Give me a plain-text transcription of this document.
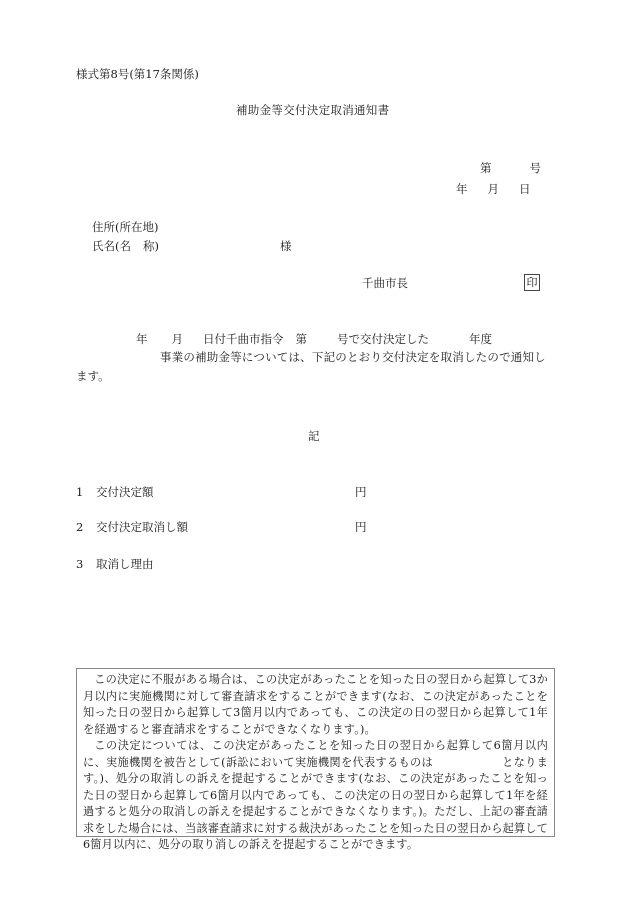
様式第8号(第17条関係)
補助金等交付決定取消通知書
第	号
年 月 日
住所(所在地)
氏名(名 称)	様
千曲市長	印
年 月 日付千曲市指令 第	号で交付決定した	年度
事業の補助金等については、下記のとおり交付決定を取消したので通知し
ます。
記
1 交付決定額	円
2 交付決定取消し額	円
3 取消し理由

この決定に不服がある場合は、この決定があったことを知った日の翌日から起算して3か月以内に実施機関に対して審査請求をすることができます(なお、この決定があったことを知った日の翌日から起算して3箇月以内であっても、この決定の日の翌日から起算して1年を経過すると審査請求をすることができなくなります。)。

この決定については、この決定があったことを知った日の翌日から起算して6箇月以内に、実施機関を被告として(訴訟において実施機関を代表するものは　　　　　　となります。)、処分の取消しの訴えを提起することができます(なお、この決定があったことを知った日の翌日から起算して6箇月以内であっても、この決定の日の翌日から起算して1年を経過すると処分の取消しの訴えを提起することができなくなります。)。ただし、上記の審査請求をした場合には、当該審査請求に対する裁決があったことを知った日の翌日から起算して6箇月以内に、処分の取り消しの訴えを提起することができます。
